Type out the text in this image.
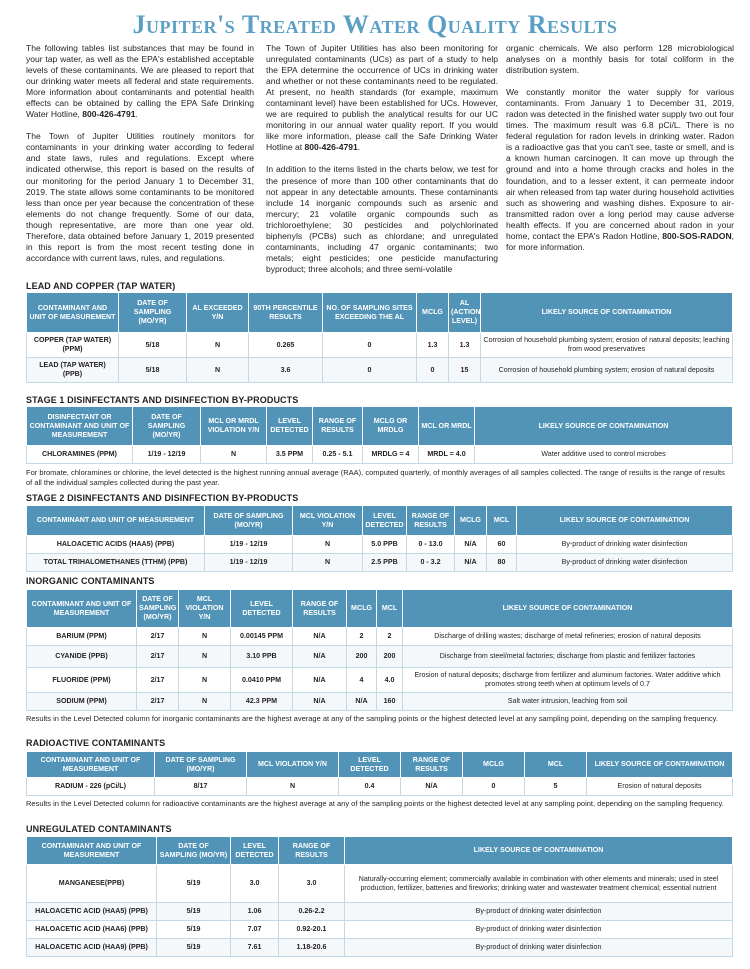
Jupiter's Treated Water Quality Results

The following tables list substances that may be found in your tap water, as well as the EPA's established acceptable levels of these contaminants. We are pleased to report that our drinking water meets all federal and state requirements. More information about contaminants and potential health effects can be obtained by calling the EPA Safe Drinking Water Hotline, 800-426-4791.

The Town of Jupiter Utilities routinely monitors for contaminants in your drinking water according to federal and state laws, rules and regulations. Except where indicated otherwise, this report is based on the results of our monitoring for the period January 1 to December 31, 2019. The state allows some contaminants to be monitored less than once per year because the concentration of these elements do not change frequently. Some of our data, though representative, are more than one year old. Therefore, data obtained before January 1, 2019 presented in this report is from the most recent testing done in accordance with current laws, rules, and regulations.

The Town of Jupiter Utilities has also been monitoring for unregulated contaminants (UCs) as part of a study to help the EPA determine the occurrence of UCs in drinking water and whether or not these contaminants need to be regulated. At present, no health standards (for example, maximum contaminant level) have been established for UCs. However, we are required to publish the analytical results for our UC monitoring in our annual water quality report. If you would like more information, please call the Safe Drinking Water Hotline at 800-426-4791.

In addition to the items listed in the charts below, we test for the presence of more than 100 other contaminants that do not appear in any detectable amounts. These contaminants include 14 inorganic compounds such as arsenic and mercury; 21 volatile organic compounds such as trichloroethylene; 30 pesticides and polychlorinated biphenyls (PCBs) such as chlordane; and unregulated contaminants, including 47 organic contaminants; two metals; eight pesticides; one pesticide manufacturing byproduct; three alcohols; and three semi-volatile

organic chemicals. We also perform 128 microbiological analyses on a monthly basis for total coliform in the distribution system.

We constantly monitor the water supply for various contaminants. From January 1 to December 31, 2019, radon was detected in the finished water supply two out four times. The maximum result was 6.8 pCi/L. There is no federal regulation for radon levels in drinking water. Radon is a radioactive gas that you can't see, taste or smell, and is a known human carcinogen. It can move up through the ground and into a home through cracks and holes in the foundation, and to a lesser extent, it can permeate indoor air when released from tap water during household activities such as showering and washing dishes. Exposure to air-transmitted radon over a long period may cause adverse health effects. If you are concerned about radon in your home, contact the EPA's Radon Hotline, 800-SOS-RADON, for more information.

LEAD AND COPPER (TAP WATER)
CONTAMINANT AND UNIT OF MEASUREMENT	DATE OF SAMPLING (MO/YR)	AL EXCEEDED Y/N	90TH PERCENTILE RESULTS	NO. OF SAMPLING SITES EXCEEDING THE AL	MCLG	AL (ACTION LEVEL)	LIKELY SOURCE OF CONTAMINATION
COPPER (TAP WATER) (PPM)	5/18	N	0.265	0	1.3	1.3	Corrosion of household plumbing system; erosion of natural deposits; leaching from wood preservatives
LEAD (TAP WATER) (PPB)	5/18	N	3.6	0	0	15	Corrosion of household plumbing system; erosion of natural deposits
STAGE 1 DISINFECTANTS AND DISINFECTION BY-PRODUCTS
DISINFECTANT OR CONTAMINANT AND UNIT OF MEASUREMENT	DATE OF SAMPLING (MO/YR)	MCL OR MRDL VIOLATION Y/N	LEVEL DETECTED	RANGE OF RESULTS	MCLG OR MRDLG	MCL OR MRDL	LIKELY SOURCE OF CONTAMINATION
CHLORAMINES (PPM)	1/19 - 12/19	N	3.5 PPM	0.25 - 5.1	MRDLG = 4	MRDL = 4.0	Water additive used to control microbes
For bromate, chloramines or chlorine, the level detected is the highest running annual average (RAA), computed quarterly, of monthly averages of all samples collected. The range of results is the range of results of all the individual samples collected during the past year.
STAGE 2 DISINFECTANTS AND DISINFECTION BY-PRODUCTS
CONTAMINANT AND UNIT OF MEASUREMENT	DATE OF SAMPLING (MO/YR)	MCL VIOLATION Y/N	LEVEL DETECTED	RANGE OF RESULTS	MCLG	MCL	LIKELY SOURCE OF CONTAMINATION
HALOACETIC ACIDS (HAA5) (PPB)	1/19 - 12/19	N	5.0 PPB	0 - 13.0	N/A	60	By-product of drinking water disinfection
TOTAL TRIHALOMETHANES (TTHM) (PPB)	1/19 - 12/19	N	2.5 PPB	0 - 3.2	N/A	80	By-product of drinking water disinfection
INORGANIC CONTAMINANTS
CONTAMINANT AND UNIT OF MEASUREMENT	DATE OF SAMPLING (MO/YR)	MCL VIOLATION Y/N	LEVEL DETECTED	RANGE OF RESULTS	MCLG	MCL	LIKELY SOURCE OF CONTAMINATION
BARIUM (PPM)	2/17	N	0.00145 PPM	N/A	2	2	Discharge of drilling wastes; discharge of metal refineries; erosion of natural deposits
CYANIDE (PPB)	2/17	N	3.10 PPB	N/A	200	200	Discharge from steel/metal factories; discharge from plastic and fertilizer factories
FLUORIDE (PPM)	2/17	N	0.0410 PPM	N/A	4	4.0	Erosion of natural deposits; discharge from fertilizer and aluminum factories. Water additive which promotes strong teeth when at optimum levels of 0.7
SODIUM (PPM)	2/17	N	42.3 PPM	N/A	N/A	160	Salt water intrusion, leaching from soil
Results in the Level Detected column for inorganic contaminants are the highest average at any of the sampling points or the highest detected level at any sampling point, depending on the sampling frequency.
RADIOACTIVE CONTAMINANTS
CONTAMINANT AND UNIT OF MEASUREMENT	DATE OF SAMPLING (MO/YR)	MCL VIOLATION Y/N	LEVEL DETECTED	RANGE OF RESULTS	MCLG	MCL	LIKELY SOURCE OF CONTAMINATION
RADIUM - 226 (pCi/L)	8/17	N	0.4	N/A	0	5	Erosion of natural deposits
Results in the Level Detected column for radioactive contaminants are the highest average at any of the sampling points or the highest detected level at any sampling point, depending on the sampling frequency.
UNREGULATED CONTAMINANTS
CONTAMINANT AND UNIT OF MEASUREMENT	DATE OF SAMPLING (MO/YR)	LEVEL DETECTED	RANGE OF RESULTS	LIKELY SOURCE OF CONTAMINATION
MANGANESE(PPB)	5/19	3.0	3.0	Naturally-occurring element; commercially available in combination with other elements and minerals; used in steel production, fertilizer, batteries and fireworks; drinking water and wastewater treatment chemical; essential nutrient
HALOACETIC ACID (HAA5) (PPB)	5/19	1.06	0.26-2.2	By-product of drinking water disinfection
HALOACETIC ACID (HAA6) (PPB)	5/19	7.07	0.92-20.1	By-product of drinking water disinfection
HALOACETIC ACID (HAA9) (PPB)	5/19	7.61	1.18-20.6	By-product of drinking water disinfection
